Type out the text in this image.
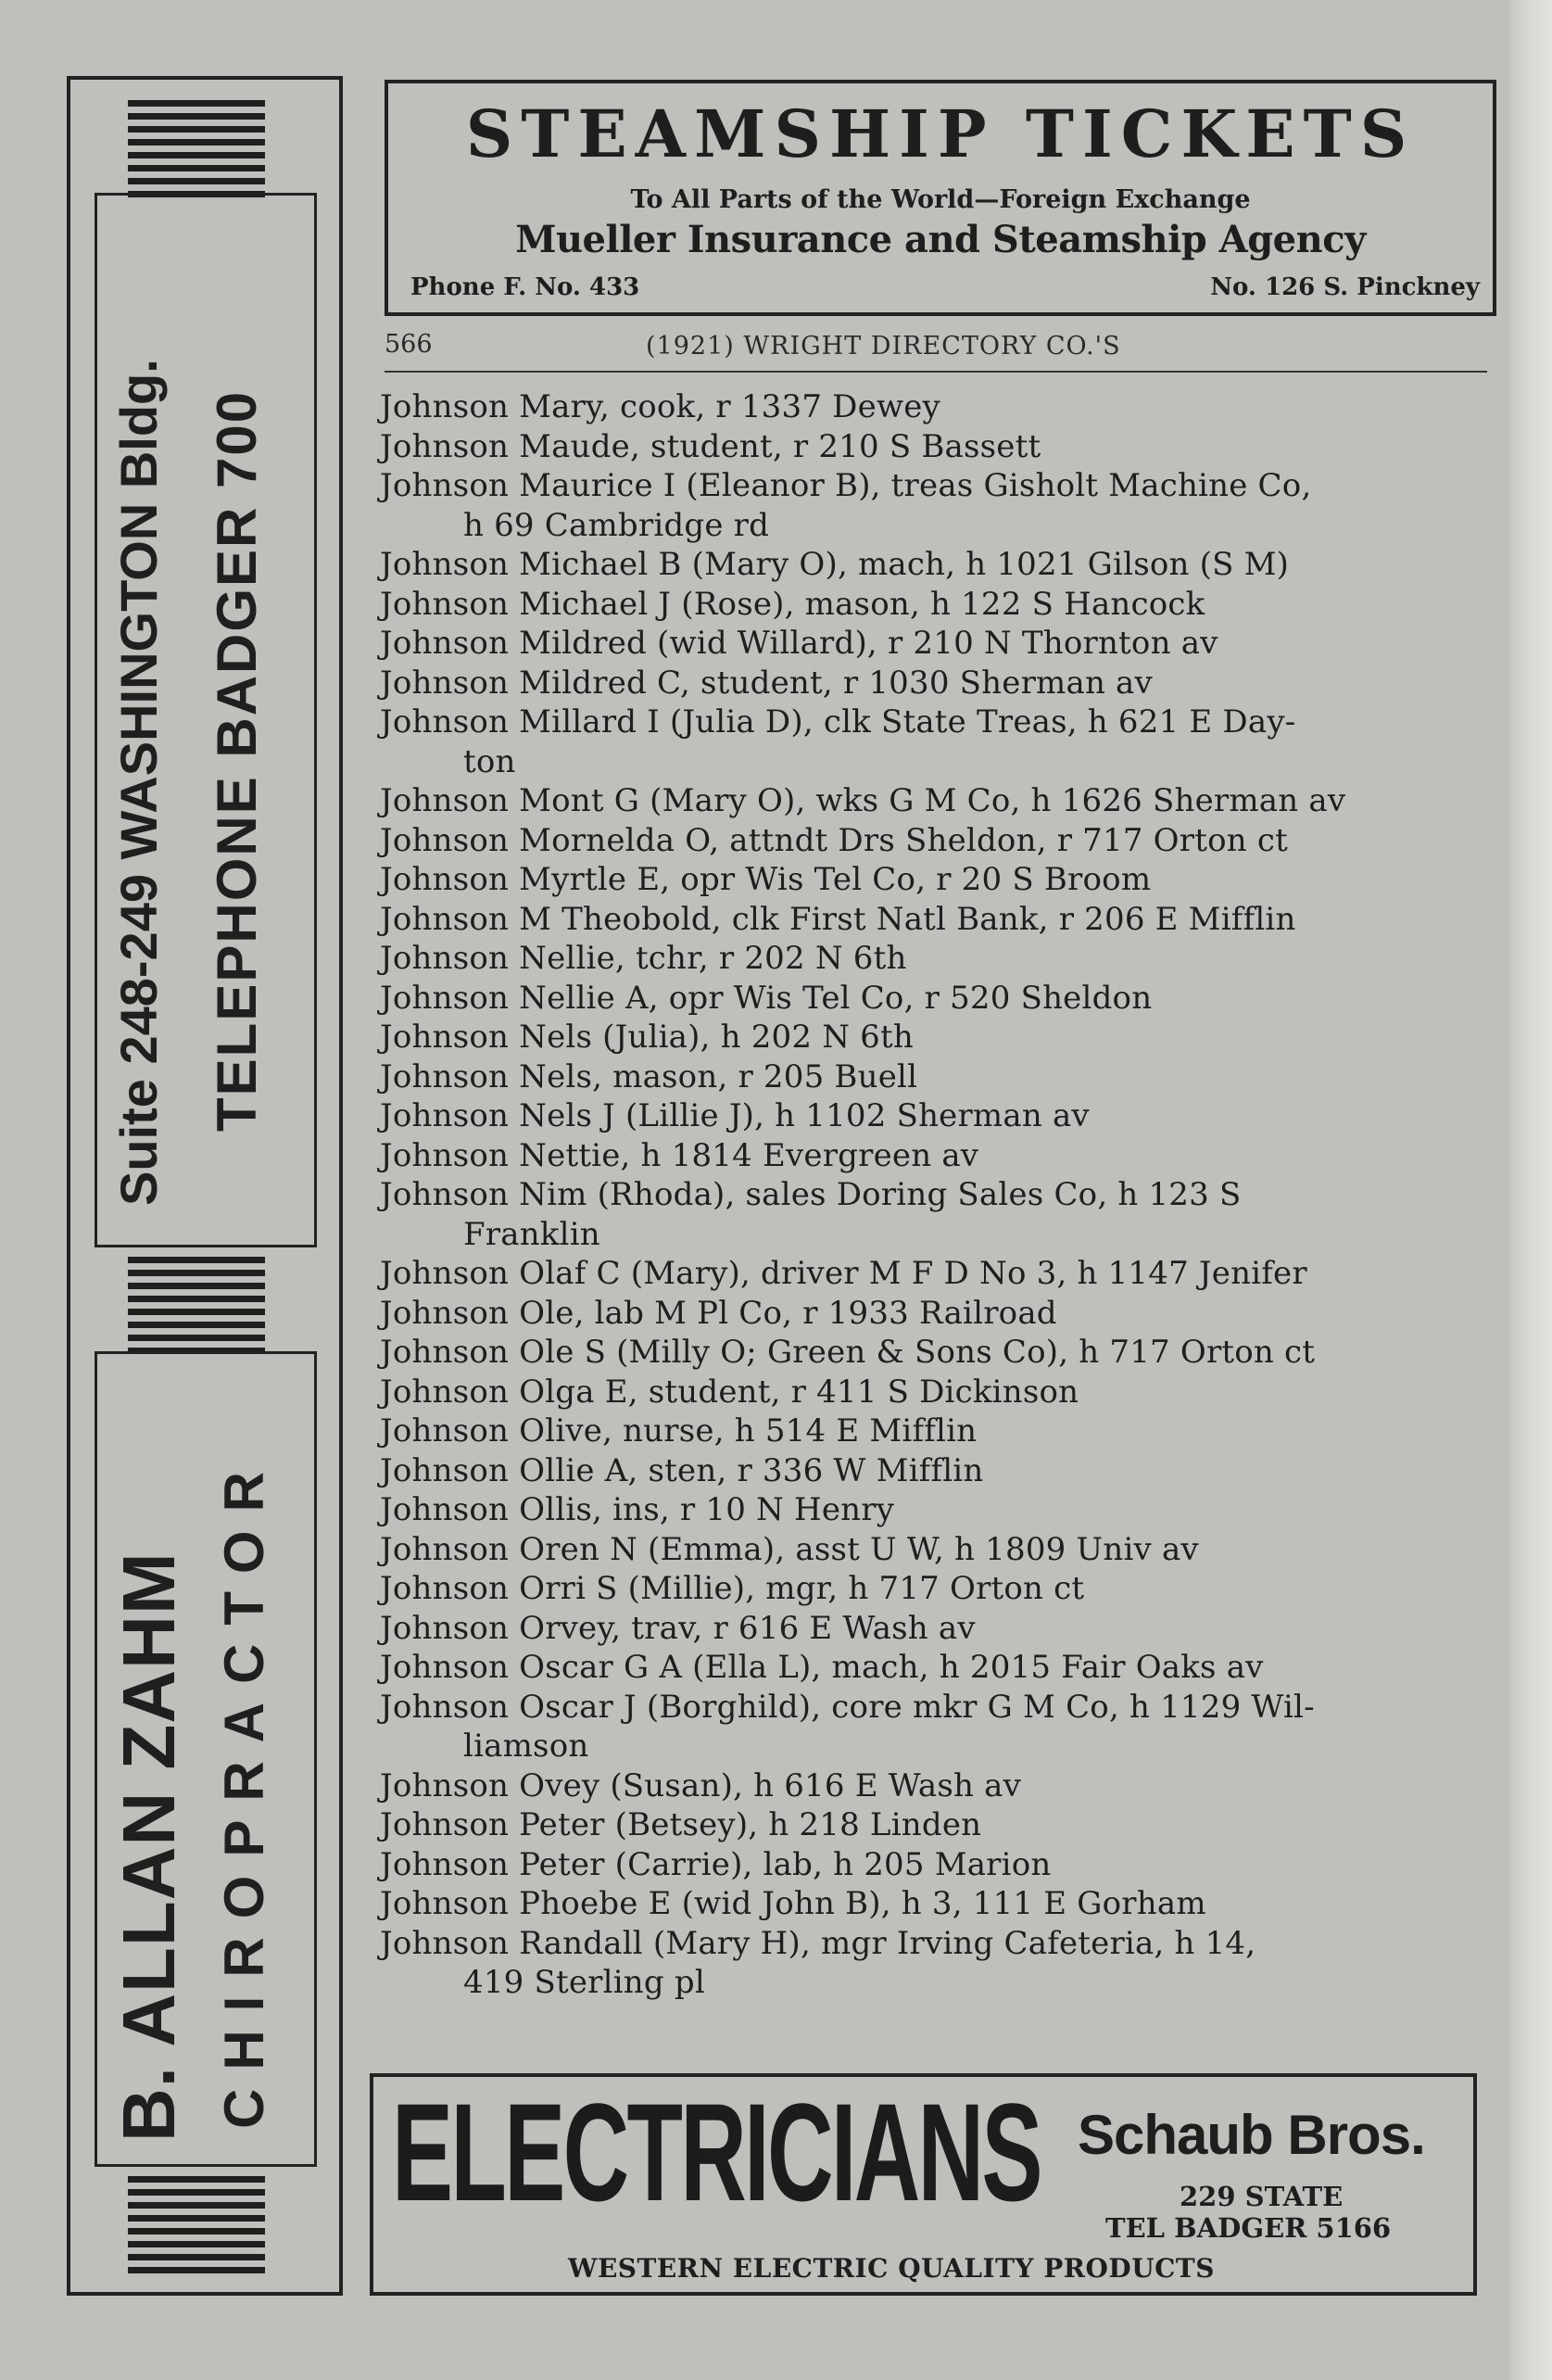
Suite 248-249 WASHINGTON Bldg. TELEPHONE BADGER 700
B. ALLAN ZAHM CHIROPRACTOR
STEAMSHIP TICKETS
To All Parts of the World—Foreign Exchange
Mueller Insurance and Steamship Agency
Phone F. No. 433	No. 126 S. Pinckney
566	(1921) WRIGHT DIRECTORY CO.'S
Johnson Mary, cook, r 1337 Dewey
Johnson Maude, student, r 210 S Bassett
Johnson Maurice I (Eleanor B), treas Gisholt Machine Co,
h 69 Cambridge rd
Johnson Michael B (Mary O), mach, h 1021 Gilson (S M)
Johnson Michael J (Rose), mason, h 122 S Hancock
Johnson Mildred (wid Willard), r 210 N Thornton av
Johnson Mildred C, student, r 1030 Sherman av
Johnson Millard I (Julia D), clk State Treas, h 621 E Day-
ton
Johnson Mont G (Mary O), wks G M Co, h 1626 Sherman av
Johnson Mornelda O, attndt Drs Sheldon, r 717 Orton ct
Johnson Myrtle E, opr Wis Tel Co, r 20 S Broom
Johnson M Theobold, clk First Natl Bank, r 206 E Mifflin
Johnson Nellie, tchr, r 202 N 6th
Johnson Nellie A, opr Wis Tel Co, r 520 Sheldon
Johnson Nels (Julia), h 202 N 6th
Johnson Nels, mason, r 205 Buell
Johnson Nels J (Lillie J), h 1102 Sherman av
Johnson Nettie, h 1814 Evergreen av
Johnson Nim (Rhoda), sales Doring Sales Co, h 123 S
Franklin
Johnson Olaf C (Mary), driver M F D No 3, h 1147 Jenifer
Johnson Ole, lab M Pl Co, r 1933 Railroad
Johnson Ole S (Milly O; Green & Sons Co), h 717 Orton ct
Johnson Olga E, student, r 411 S Dickinson
Johnson Olive, nurse, h 514 E Mifflin
Johnson Ollie A, sten, r 336 W Mifflin
Johnson Ollis, ins, r 10 N Henry
Johnson Oren N (Emma), asst U W, h 1809 Univ av
Johnson Orri S (Millie), mgr, h 717 Orton ct
Johnson Orvey, trav, r 616 E Wash av
Johnson Oscar G A (Ella L), mach, h 2015 Fair Oaks av
Johnson Oscar J (Borghild), core mkr G M Co, h 1129 Wil-
liamson
Johnson Ovey (Susan), h 616 E Wash av
Johnson Peter (Betsey), h 218 Linden
Johnson Peter (Carrie), lab, h 205 Marion
Johnson Phoebe E (wid John B), h 3, 111 E Gorham
Johnson Randall (Mary H), mgr Irving Cafeteria, h 14,
419 Sterling pl
ELECTRICIANS Schaub Bros.
229 STATE
TEL BADGER 5166
WESTERN ELECTRIC QUALITY PRODUCTS
